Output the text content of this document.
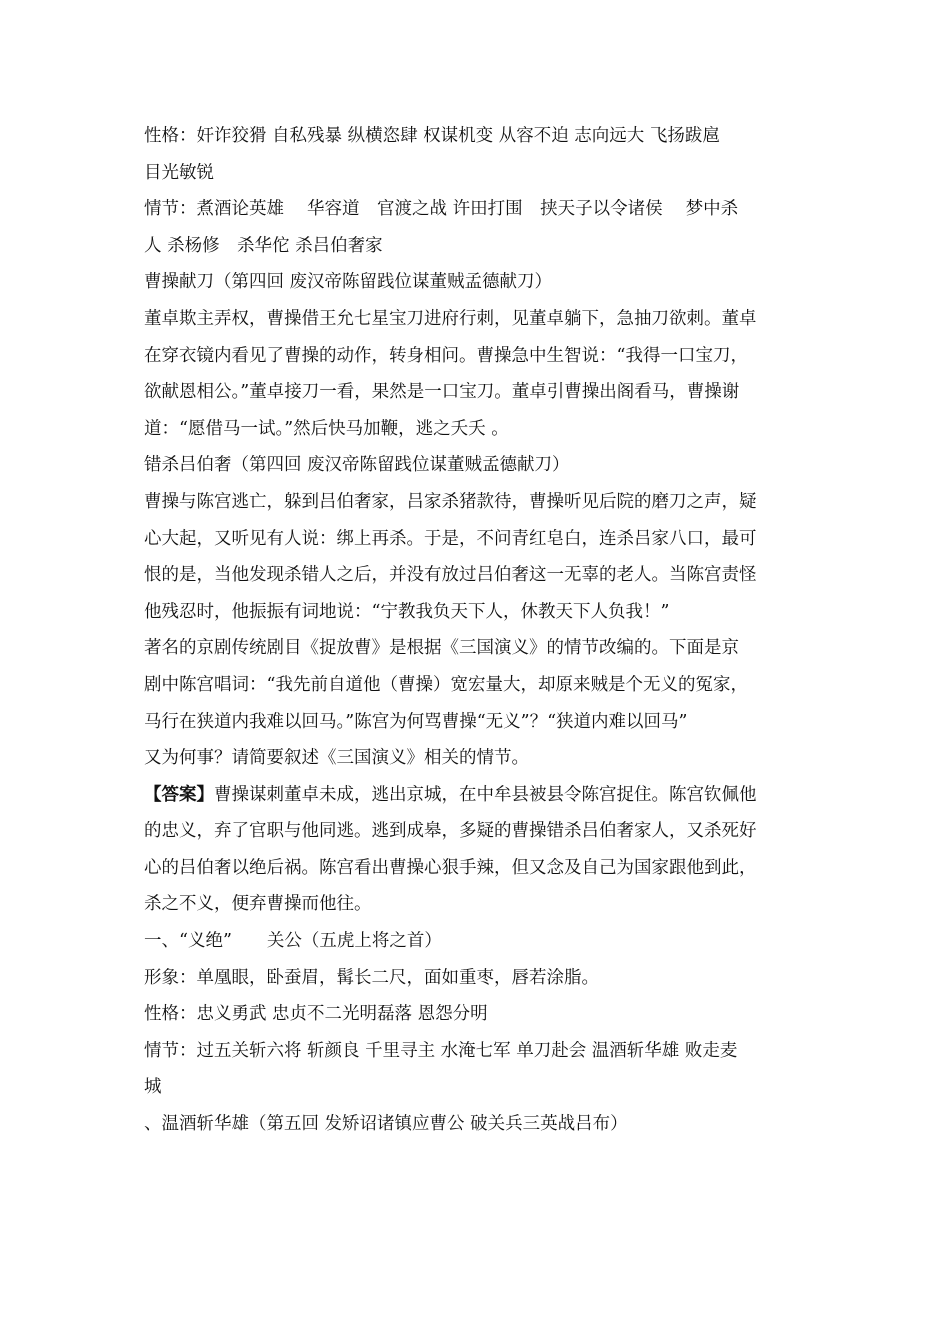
性格：奸诈狡猾 自私残暴 纵横恣肆 权谋机变 从容不迫 志向远大 飞扬跋扈
目光敏锐
情节：煮酒论英雄　 华容道　官渡之战 许田打围　挟天子以令诸侯　 梦中杀
人 杀杨修　杀华佗 杀吕伯奢家
曹操献刀（第四回 废汉帝陈留践位谋董贼孟德献刀）
董卓欺主弄权，曹操借王允七星宝刀进府行刺，见董卓躺下，急抽刀欲刺。董卓
在穿衣镜内看见了曹操的动作，转身相问。曹操急中生智说：“我得一口宝刀，
欲献恩相公。”董卓接刀一看，果然是一口宝刀。董卓引曹操出阁看马，曹操谢
道：“愿借马一试。”然后快马加鞭，逃之夭夭 。
错杀吕伯奢（第四回 废汉帝陈留践位谋董贼孟德献刀）
曹操与陈宫逃亡，躲到吕伯奢家，吕家杀猪款待，曹操听见后院的磨刀之声，疑
心大起，又听见有人说：绑上再杀。于是，不问青红皂白，连杀吕家八口，最可
恨的是，当他发现杀错人之后，并没有放过吕伯奢这一无辜的老人。当陈宫责怪
他残忍时，他振振有词地说：“宁教我负天下人，休教天下人负我！”
著名的京剧传统剧目《捉放曹》是根据《三国演义》的情节改编的。下面是京
剧中陈宫唱词：“我先前自道他（曹操）宽宏量大，却原来贼是个无义的冤家，
马行在狭道内我难以回马。”陈宫为何骂曹操“无义”？“狭道内难以回马”
又为何事？请简要叙述《三国演义》相关的情节。
【答案】曹操谋刺董卓未成，逃出京城，在中牟县被县令陈宫捉住。陈宫钦佩他
的忠义，弃了官职与他同逃。逃到成皋，多疑的曹操错杀吕伯奢家人，又杀死好
心的吕伯奢以绝后祸。陈宫看出曹操心狠手辣，但又念及自己为国家跟他到此，
杀之不义，便弃曹操而他往。
一、“义绝”　　关公（五虎上将之首）
形象：单凰眼，卧蚕眉，髯长二尺，面如重枣，唇若涂脂。
性格：忠义勇武 忠贞不二光明磊落 恩怨分明
情节：过五关斩六将 斩颜良 千里寻主 水淹七军 单刀赴会 温酒斩华雄 败走麦
城
、温酒斩华雄（第五回 发矫诏诸镇应曹公 破关兵三英战吕布）
